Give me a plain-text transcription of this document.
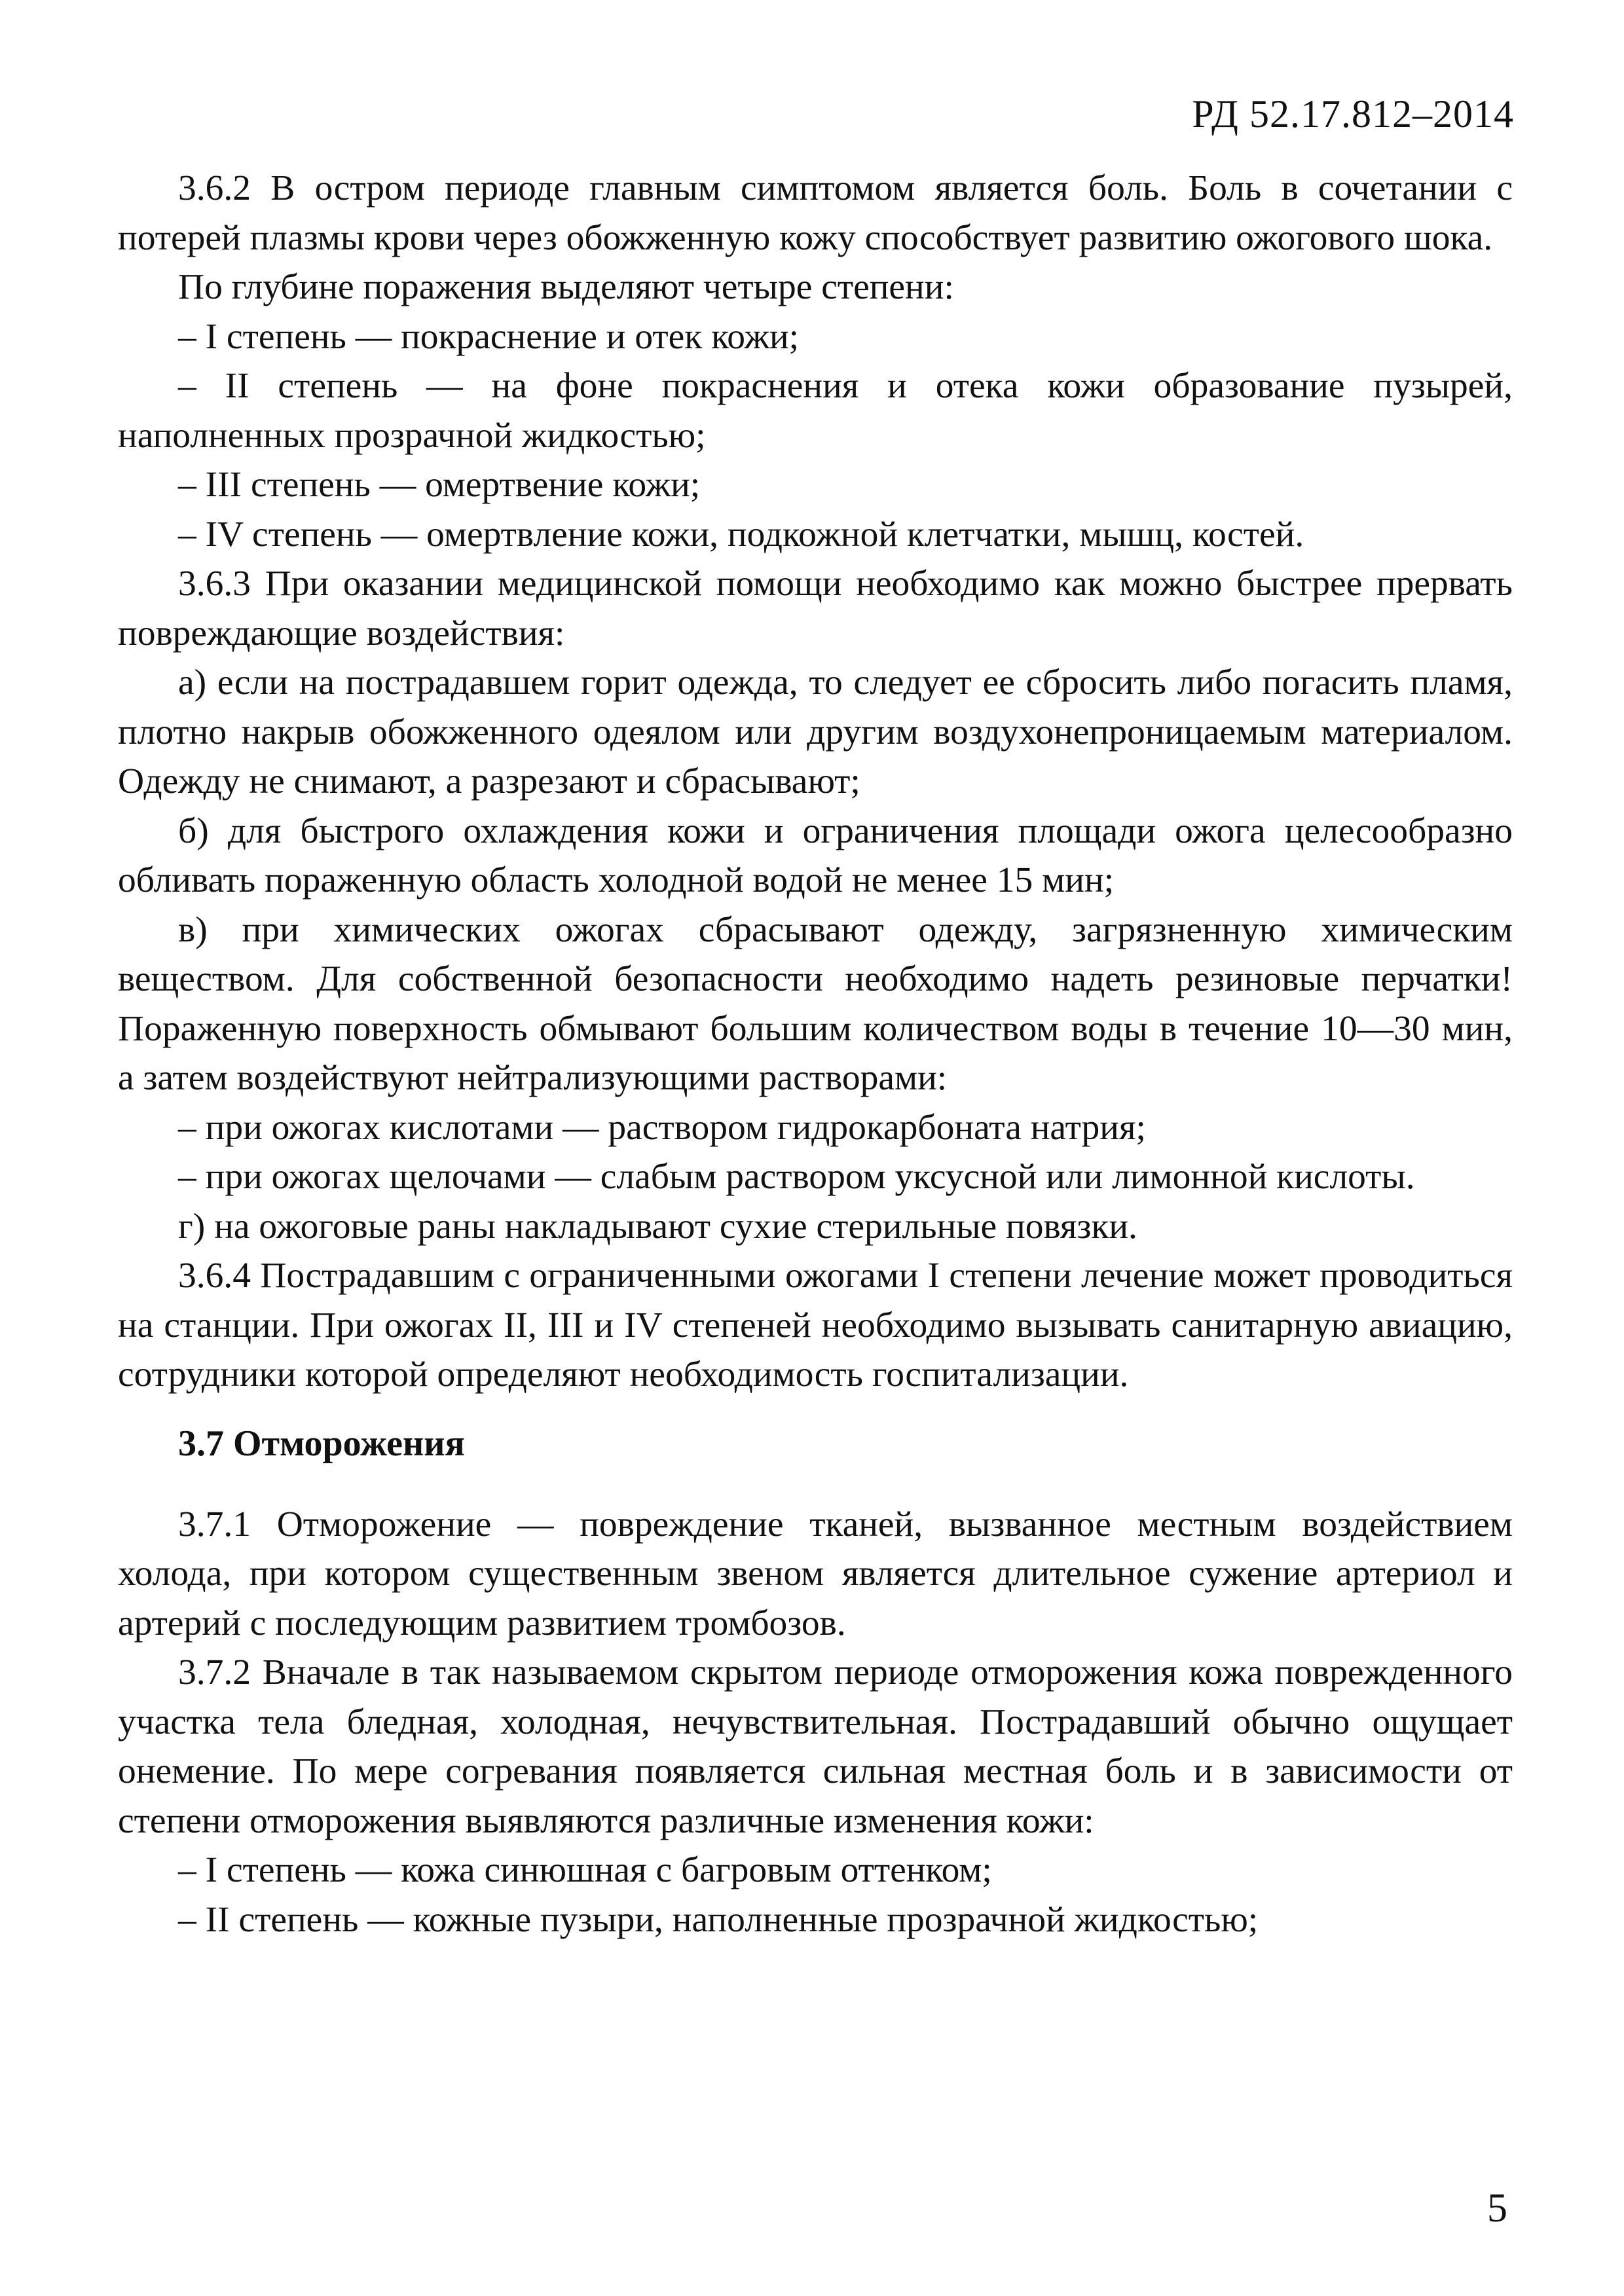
РД 52.17.812–2014

3.6.2 В остром периоде главным симптомом является боль. Боль в сочетании с потерей плазмы крови через обожженную кожу способствует развитию ожогового шока.

По глубине поражения выделяют четыре степени:

– I степень — покраснение и отек кожи;

– II степень — на фоне покраснения и отека кожи образование пузырей, наполненных прозрачной жидкостью;

– III степень — омертвение кожи;

– IV степень — омертвление кожи, подкожной клетчатки, мышц, костей.

3.6.3 При оказании медицинской помощи необходимо как можно быстрее прервать повреждающие воздействия:

а) если на пострадавшем горит одежда, то следует ее сбросить либо погасить пламя, плотно накрыв обожженного одеялом или другим воздухонепроницаемым материалом. Одежду не снимают, а разрезают и сбрасывают;

б) для быстрого охлаждения кожи и ограничения площади ожога целесообразно обливать пораженную область холодной водой не менее 15 мин;

в) при химических ожогах сбрасывают одежду, загрязненную химическим веществом. Для собственной безопасности необходимо надеть резиновые перчатки! Пораженную поверхность обмывают большим количеством воды в течение 10—30 мин, а затем воздействуют нейтрализующими растворами:

– при ожогах кислотами — раствором гидрокарбоната натрия;

– при ожогах щелочами — слабым раствором уксусной или лимонной кислоты.

г) на ожоговые раны накладывают сухие стерильные повязки.

3.6.4 Пострадавшим с ограниченными ожогами I степени лечение может проводиться на станции. При ожогах II, III и IV степеней необходимо вызывать санитарную авиацию, сотрудники которой определяют необходимость госпитализации.

3.7 Отморожения

3.7.1 Отморожение — повреждение тканей, вызванное местным воздействием холода, при котором существенным звеном является длительное сужение артериол и артерий с последующим развитием тромбозов.

3.7.2 Вначале в так называемом скрытом периоде отморожения кожа поврежденного участка тела бледная, холодная, нечувствительная. Пострадавший обычно ощущает онемение. По мере согревания появляется сильная местная боль и в зависимости от степени отморожения выявляются различные изменения кожи:

– I степень — кожа синюшная с багровым оттенком;

– II степень — кожные пузыри, наполненные прозрачной жидкостью;

5
